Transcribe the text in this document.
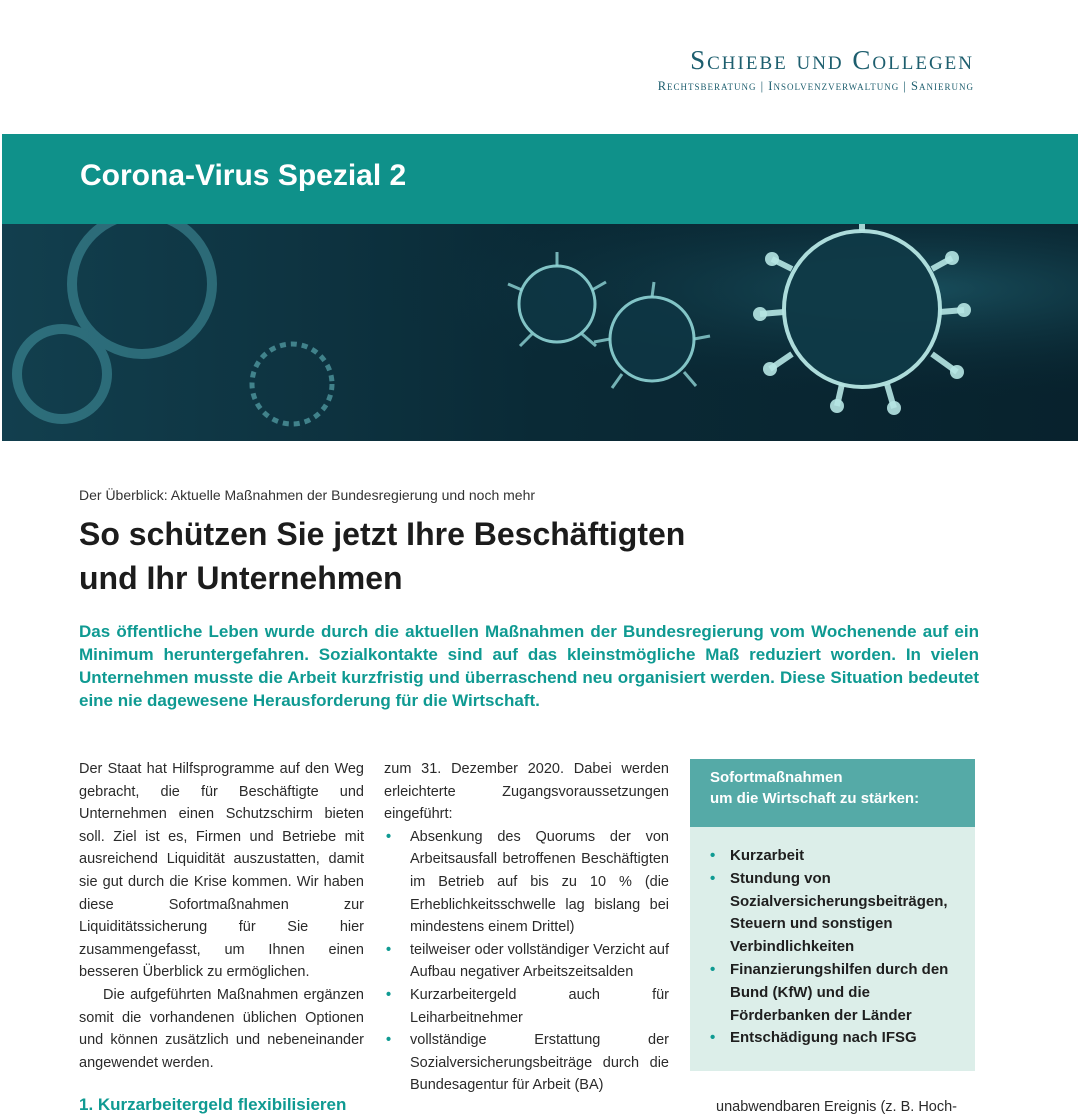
Schiebe und Collegen
Rechtsberatung | Insolvenzverwaltung | Sanierung
Corona-Virus Spezial 2
Der Überblick: Aktuelle Maßnahmen der Bundesregierung und noch mehr
So schützen Sie jetzt Ihre Beschäftigten
und Ihr Unternehmen

Das öffentliche Leben wurde durch die aktuellen Maßnahmen der Bundesregierung vom Wochenende auf ein Minimum heruntergefahren. Sozialkontakte sind auf das kleinstmögliche Maß reduziert worden. In vielen Unternehmen musste die Arbeit kurzfristig und überraschend neu organisiert werden. Diese Situation bedeutet eine nie dagewesene Herausforderung für die Wirtschaft.

Der Staat hat Hilfsprogramme auf den Weg gebracht, die für Beschäftigte und Unternehmen einen Schutzschirm bieten soll. Ziel ist es, Firmen und Betriebe mit ausreichend Liquidität auszustatten, damit sie gut durch die Krise kommen. Wir haben diese Sofortmaßnahmen zur Liquiditätssicherung für Sie hier zusammengefasst, um Ihnen einen besseren Überblick zu ermöglichen.

Die aufgeführten Maßnahmen ergänzen somit die vorhandenen üblichen Optionen und können zusätzlich und nebeneinander angewendet werden.

1. Kurzarbeitergeld flexibilisieren

zum 31. Dezember 2020. Dabei werden erleichterte Zugangsvoraussetzungen eingeführt:

• Absenkung des Quorums der von Arbeitsausfall betroffenen Beschäftigten im Betrieb auf bis zu 10 % (die Erheblichkeitsschwelle lag bislang bei mindestens einem Drittel)
• teilweiser oder vollständiger Verzicht auf Aufbau negativer Arbeitszeitsalden
• Kurzarbeitergeld auch für Leiharbeitnehmer
• vollständige Erstattung der Sozialversicherungsbeiträge durch die Bundesagentur für Arbeit (BA)
Sofortmaßnahmen
um die Wirtschaft zu stärken:
• Kurzarbeit
• Stundung von Sozialversicherungsbeiträgen, Steuern und sonstigen Verbindlichkeiten
• Finanzierungshilfen durch den Bund (KfW) und die Förderbanken der Länder
• Entschädigung nach IFSG
unabwendbaren Ereignis (z. B. Hoch-
